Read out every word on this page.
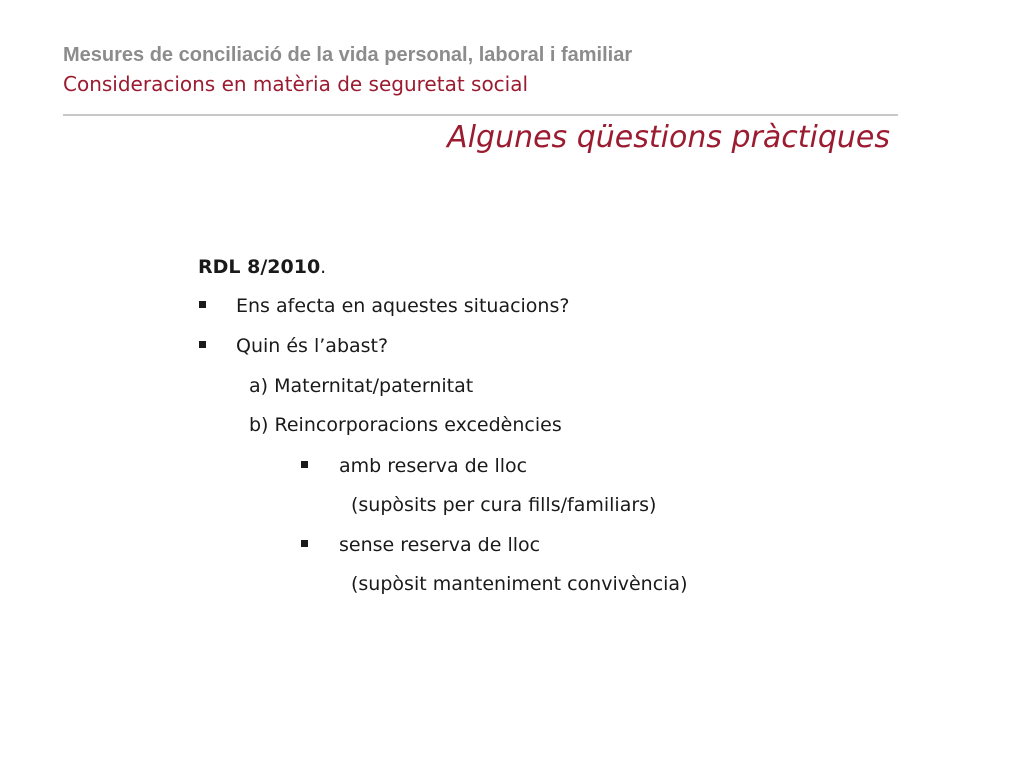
Mesures de conciliació de la vida personal, laboral i familiar
Consideracions en matèria de seguretat social
Algunes qüestions pràctiques
RDL 8/2010.
Ens afecta en aquestes situacions?
Quin és l’abast?
a) Maternitat/paternitat
b) Reincorporacions excedències
amb reserva de lloc
(supòsits per cura fills/familiars)
sense reserva de lloc
(supòsit manteniment convivència)
